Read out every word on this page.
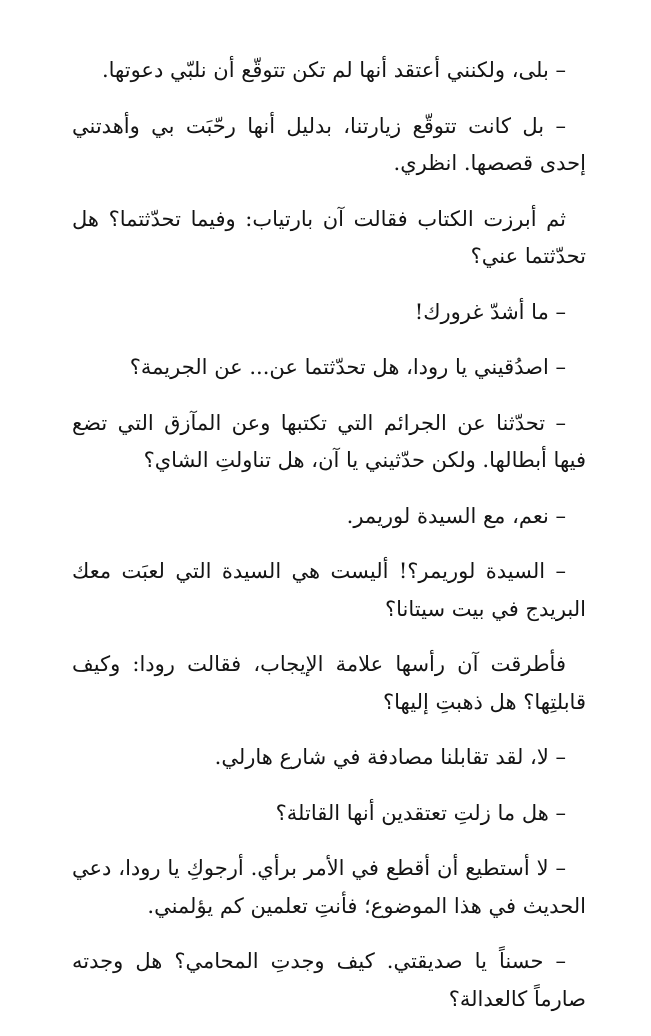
– بلى، ولكنني أعتقد أنها لم تكن تتوقّع أن نلبّي دعوتها.

– بل كانت تتوقّع زيارتنا، بدليل أنها رحّبَت بي وأهدتني إحدى قصصها. انظري.

ثم أبرزت الكتاب فقالت آن بارتياب: وفيما تحدّثتما؟ هل تحدّثتما عني؟

– ما أشدّ غرورك!

– اصدُقيني يا رودا، هل تحدّثتما عن... عن الجريمة؟

– تحدّثنا عن الجرائم التي تكتبها وعن المآزق التي تضع فيها أبطالها. ولكن حدّثيني يا آن، هل تناولتِ الشاي؟

– نعم، مع السيدة لوريمر.

– السيدة لوريمر؟! أليست هي السيدة التي لعبَت معك البريدج في بيت سيتانا؟

فأطرقت آن رأسها علامة الإيجاب، فقالت رودا: وكيف قابلتِها؟ هل ذهبتِ إليها؟

– لا، لقد تقابلنا مصادفة في شارع هارلي.

– هل ما زلتِ تعتقدين أنها القاتلة؟

– لا أستطيع أن أقطع في الأمر برأي. أرجوكِ يا رودا، دعي الحديث في هذا الموضوع؛ فأنتِ تعلمين كم يؤلمني.

– حسناً يا صديقتي. كيف وجدتِ المحامي؟ هل وجدته صارماً كالعدالة؟
